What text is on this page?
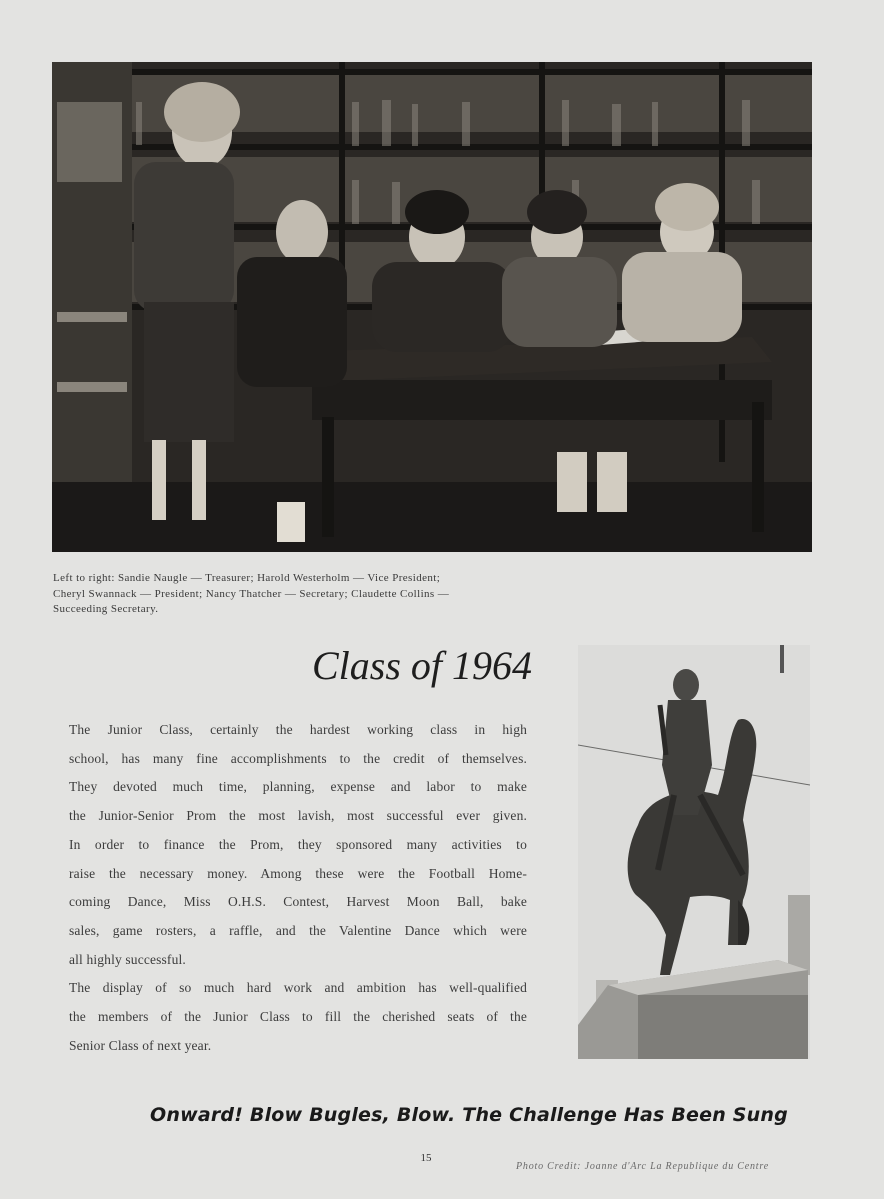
Left to right: Sandie Naugle — Treasurer; Harold Westerholm — Vice President;
Cheryl Swannack — President; Nancy Thatcher — Secretary; Claudette Collins —
Succeeding Secretary.
Class of 1964
The Junior Class, certainly the hardest working class in high
school, has many fine accomplishments to the credit of themselves.
They devoted much time, planning, expense and labor to make
the Junior-Senior Prom the most lavish, most successful ever given.
In order to finance the Prom, they sponsored many activities to
raise the necessary money. Among these were the Football Home-
coming Dance, Miss O.H.S. Contest, Harvest Moon Ball, bake
sales, game rosters, a raffle, and the Valentine Dance which were
all highly successful.
The display of so much hard work and ambition has well-qualified
the members of the Junior Class to fill the cherished seats of the
Senior Class of next year.
Onward! Blow Bugles, Blow. The Challenge Has Been Sung
15
Photo Credit: Joanne d'Arc La Republique du Centre
